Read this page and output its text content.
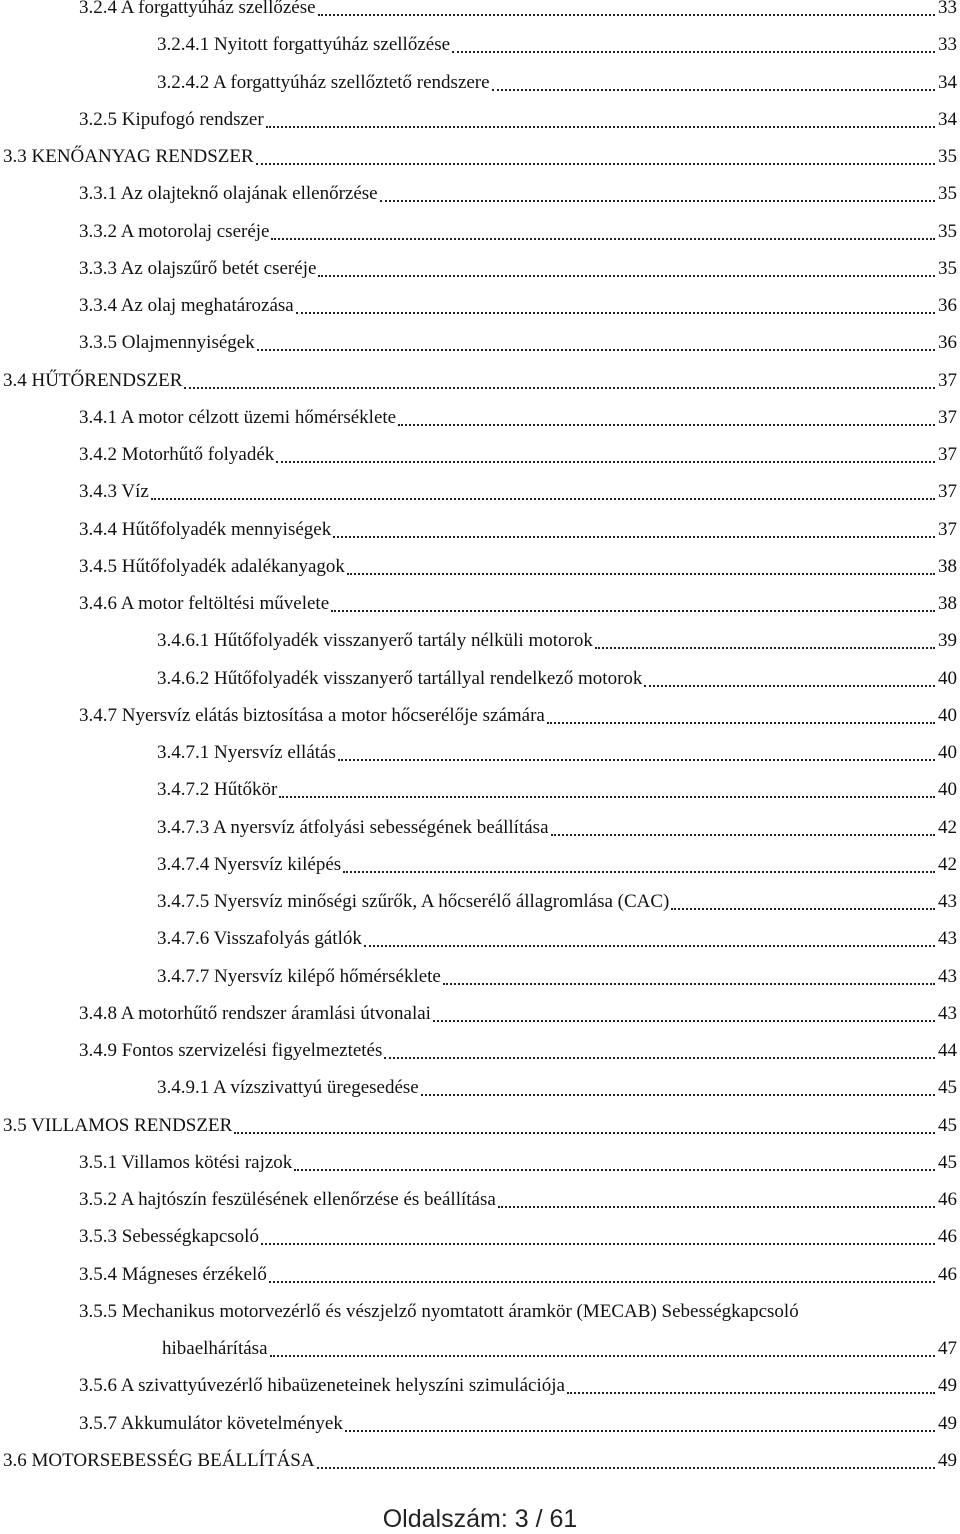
3.2.4 A forgattyúház szellőzése	33
3.2.4.1 Nyitott forgattyúház szellőzése	33
3.2.4.2 A forgattyúház szellőztető rendszere	34
3.2.5 Kipufogó rendszer	34
3.3 KENŐANYAG RENDSZER	35
3.3.1 Az olajteknő olajának ellenőrzése	35
3.3.2 A motorolaj cseréje	35
3.3.3 Az olajszűrő betét cseréje	35
3.3.4 Az olaj meghatározása	36
3.3.5 Olajmennyiségek	36
3.4 HŰTŐRENDSZER	37
3.4.1 A motor célzott üzemi hőmérséklete	37
3.4.2 Motorhűtő folyadék	37
3.4.3 Víz	37
3.4.4 Hűtőfolyadék mennyiségek	37
3.4.5 Hűtőfolyadék adalékanyagok	38
3.4.6 A motor feltöltési művelete	38
3.4.6.1 Hűtőfolyadék visszanyerő tartály nélküli motorok	39
3.4.6.2 Hűtőfolyadék visszanyerő tartállyal rendelkező motorok	40
3.4.7 Nyersvíz elátás biztosítása a motor hőcserélője számára	40
3.4.7.1 Nyersvíz ellátás	40
3.4.7.2 Hűtőkör	40
3.4.7.3 A nyersvíz átfolyási sebességének beállítása	42
3.4.7.4 Nyersvíz kilépés	42
3.4.7.5 Nyersvíz minőségi szűrők, A hőcserélő állagromlása (CAC)	43
3.4.7.6 Visszafolyás gátlók	43
3.4.7.7 Nyersvíz kilépő hőmérséklete	43
3.4.8 A motorhűtő rendszer áramlási útvonalai	43
3.4.9 Fontos szervizelési figyelmeztetés	44
3.4.9.1 A vízszivattyú üregesedése	45
3.5 VILLAMOS RENDSZER	45
3.5.1 Villamos kötési rajzok	45
3.5.2 A hajtószín feszülésének ellenőrzése és beállítása	46
3.5.3 Sebességkapcsoló	46
3.5.4 Mágneses érzékelő	46
3.5.5 Mechanikus motorvezérlő és vészjelző nyomtatott áramkör (MECAB) Sebességkapcsoló
hibaelhárítása	47
3.5.6 A szivattyúvezérlő hibaüzeneteinek helyszíni szimulációja	49
3.5.7 Akkumulátor követelmények	49
3.6 MOTORSEBESSÉG BEÁLLÍTÁSA	49
Oldalszám: 3 / 61
